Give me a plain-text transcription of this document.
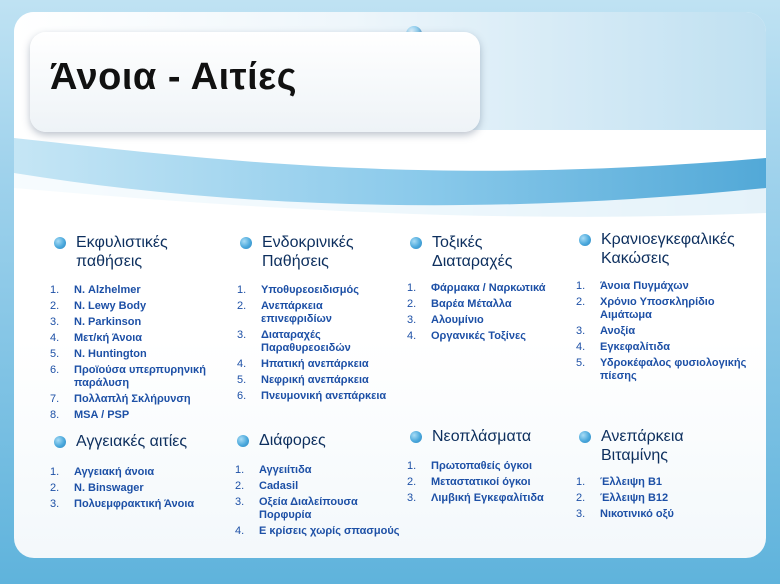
Άνοια - Αιτίες
Εκφυλιστικές
παθήσεις
1.	Ν. Alzhelmer
2.	Ν. Lewy Body
3.	Ν. Parkinson
4.	Μετ/κή Άνοια
5.	Ν. Huntington
6.	Προϊούσα υπερπυρηνική
παράλυση
7.	Πολλαπλή Σκλήρυνση
8.	MSA / PSP
Ενδοκρινικές
Παθήσεις
1.	Υποθυρεοειδισμός
2.	Ανεπάρκεια
επινεφριδίων
3.	Διαταραχές
Παραθυρεοειδών
4.	Ηπατική ανεπάρκεια
5.	Νεφρική ανεπάρκεια
6.	Πνευμονική ανεπάρκεια
Τοξικές
Διαταραχές
1.	Φάρμακα / Ναρκωτικά
2.	Βαρέα Μέταλλα
3.	Αλουμίνιο
4.	Οργανικές Τοξίνες
Κρανιοεγκεφαλικές
Κακώσεις
1.	Άνοια Πυγμάχων
2.	Χρόνιο Υποσκληρίδιο
Αιμάτωμα
3.	Ανοξία
4.	Εγκεφαλίτιδα
5.	Υδροκέφαλος φυσιολογικής
πίεσης
Αγγειακές αιτίες
1.	Αγγειακή άνοια
2.	Ν. Binswager
3.	Πολυεμφρακτική Άνοια
Διάφορες
1.	Αγγειίτιδα
2.	Cadasil
3.	Οξεία Διαλείπουσα
Πορφυρία
4.	Ε κρίσεις χωρίς σπασμούς
Νεοπλάσματα
1.	Πρωτοπαθείς όγκοι
2.	Μεταστατικοί όγκοι
3.	Λιμβική Εγκεφαλίτιδα
Ανεπάρκεια
Βιταμίνης
1.	Έλλειψη Β1
2.	Έλλειψη Β12
3.	Νικοτινικό οξύ
